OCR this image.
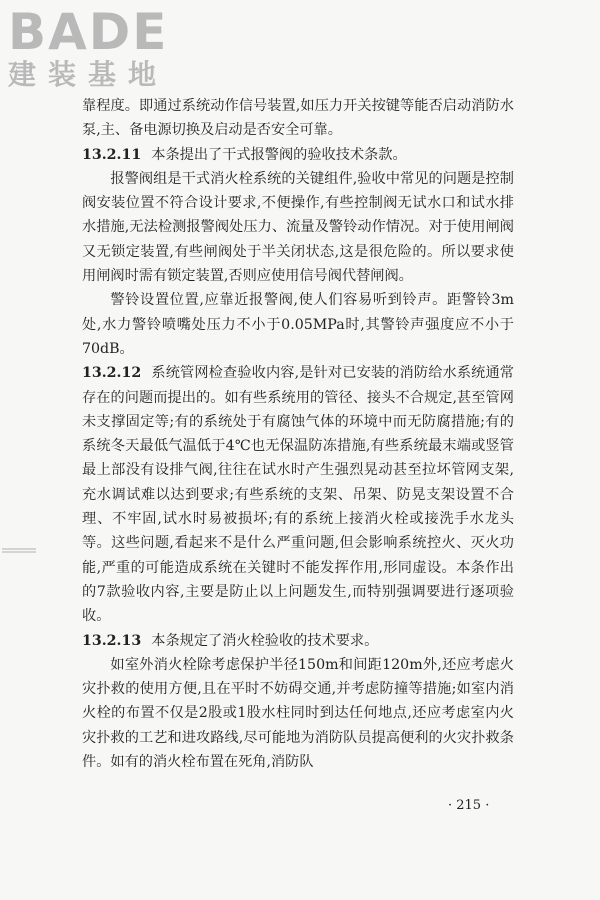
BADE
建装基地

靠程度。即通过系统动作信号装置,如压力开关按键等能否启动消防水泵,主、备电源切换及启动是否安全可靠。

13.2.11 本条提出了干式报警阀的验收技术条款。

报警阀组是干式消火栓系统的关键组件,验收中常见的问题是控制阀安装位置不符合设计要求,不便操作,有些控制阀无试水口和试水排水措施,无法检测报警阀处压力、流量及警铃动作情况。对于使用闸阀又无锁定装置,有些闸阀处于半关闭状态,这是很危险的。所以要求使用闸阀时需有锁定装置,否则应使用信号阀代替闸阀。

警铃设置位置,应靠近报警阀,使人们容易听到铃声。距警铃3m处,水力警铃喷嘴处压力不小于0.05MPa时,其警铃声强度应不小于70dB。

13.2.12 系统管网检查验收内容,是针对已安装的消防给水系统通常存在的问题而提出的。如有些系统用的管径、接头不合规定,甚至管网未支撑固定等;有的系统处于有腐蚀气体的环境中而无防腐措施;有的系统冬天最低气温低于4℃也无保温防冻措施,有些系统最末端或竖管最上部没有设排气阀,往往在试水时产生强烈晃动甚至拉坏管网支架,充水调试难以达到要求;有些系统的支架、吊架、防晃支架设置不合理、不牢固,试水时易被损坏;有的系统上接消火栓或接洗手水龙头等。这些问题,看起来不是什么严重问题,但会影响系统控火、灭火功能,严重的可能造成系统在关键时不能发挥作用,形同虚设。本条作出的7款验收内容,主要是防止以上问题发生,而特别强调要进行逐项验收。

13.2.13 本条规定了消火栓验收的技术要求。

如室外消火栓除考虑保护半径150m和间距120m外,还应考虑火灾扑救的使用方便,且在平时不妨碍交通,并考虑防撞等措施;如室内消火栓的布置不仅是2股或1股水柱同时到达任何地点,还应考虑室内火灾扑救的工艺和进攻路线,尽可能地为消防队员提高便利的火灾扑救条件。如有的消火栓布置在死角,消防队

· 215 ·
